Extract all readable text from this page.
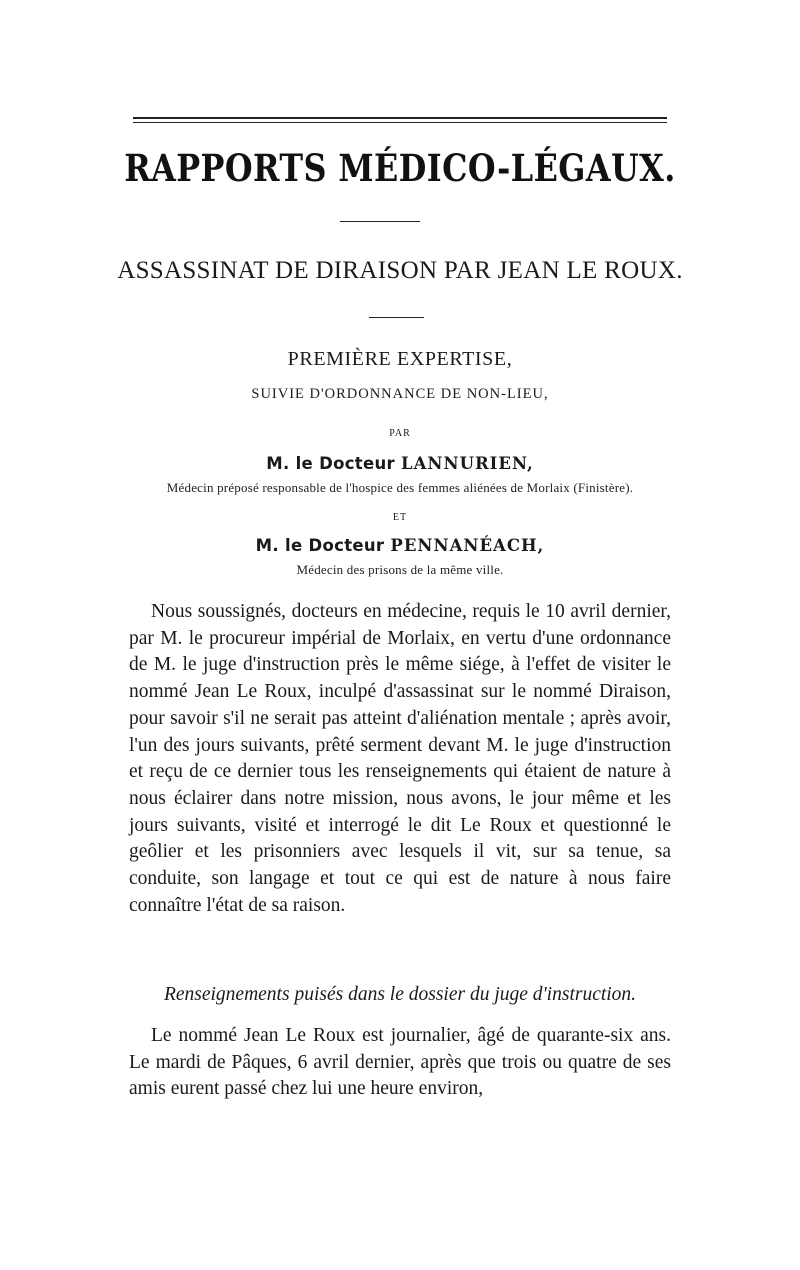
RAPPORTS MÉDICO-LÉGAUX.
ASSASSINAT DE DIRAISON PAR JEAN LE ROUX.
PREMIÈRE EXPERTISE,
SUIVIE D'ORDONNANCE DE NON-LIEU,
PAR
M. le Docteur LANNURIEN,
Médecin préposé responsable de l'hospice des femmes aliénées de Morlaix (Finistère).
ET
M. le Docteur PENNANÉACH,
Médecin des prisons de la même ville.

Nous soussignés, docteurs en médecine, requis le 10 avril dernier, par M. le procureur impérial de Morlaix, en vertu d'une ordonnance de M. le juge d'instruction près le même siége, à l'effet de visiter le nommé Jean Le Roux, inculpé d'assassinat sur le nommé Diraison, pour savoir s'il ne serait pas atteint d'aliénation mentale ; après avoir, l'un des jours suivants, prêté serment devant M. le juge d'instruction et reçu de ce dernier tous les renseignements qui étaient de nature à nous éclairer dans notre mission, nous avons, le jour même et les jours suivants, visité et interrogé le dit Le Roux et questionné le geôlier et les prisonniers avec lesquels il vit, sur sa tenue, sa conduite, son langage et tout ce qui est de nature à nous faire connaître l'état de sa raison.

Renseignements puisés dans le dossier du juge d'instruction.

Le nommé Jean Le Roux est journalier, âgé de quarante-six ans. Le mardi de Pâques, 6 avril dernier, après que trois ou quatre de ses amis eurent passé chez lui une heure environ,
